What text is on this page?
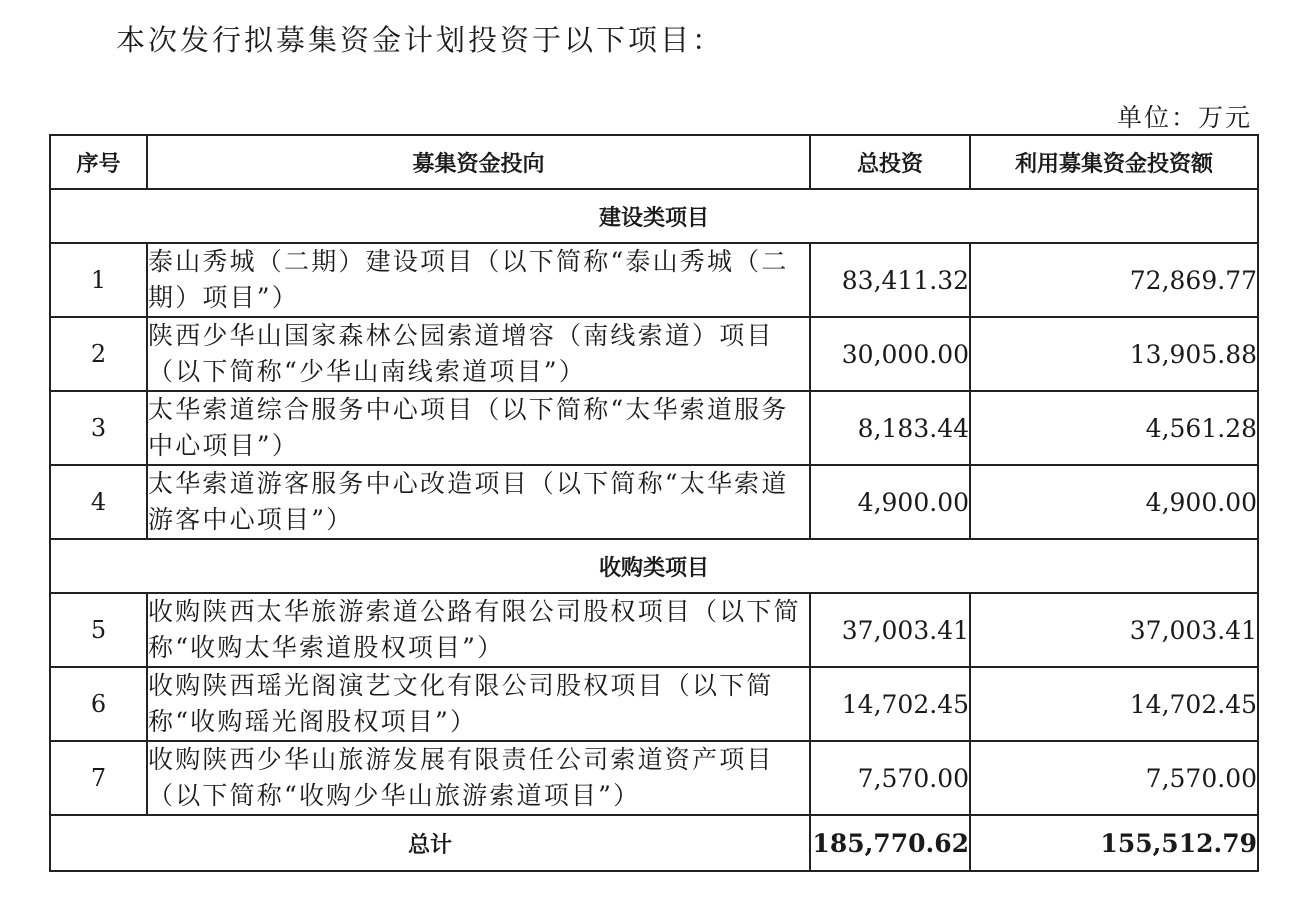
本次发行拟募集资金计划投资于以下项目：
单位：万元
序号	募集资金投向	总投资	利用募集资金投资额
建设类项目			
1	泰山秀城（二期）建设项目（以下简称“泰山秀城（二期）项目”）	83,411.32	72,869.77
2	陕西少华山国家森林公园索道增容（南线索道）项目（以下简称“少华山南线索道项目”）	30,000.00	13,905.88
3	太华索道综合服务中心项目（以下简称“太华索道服务中心项目”）	8,183.44	4,561.28
4	太华索道游客服务中心改造项目（以下简称“太华索道游客中心项目”）	4,900.00	4,900.00
收购类项目			
5	收购陕西太华旅游索道公路有限公司股权项目（以下简称“收购太华索道股权项目”）	37,003.41	37,003.41
6	收购陕西瑶光阁演艺文化有限公司股权项目（以下简称“收购瑶光阁股权项目”）	14,702.45	14,702.45
7	收购陕西少华山旅游发展有限责任公司索道资产项目（以下简称“收购少华山旅游索道项目”）	7,570.00	7,570.00
总计		185,770.62	155,512.79
